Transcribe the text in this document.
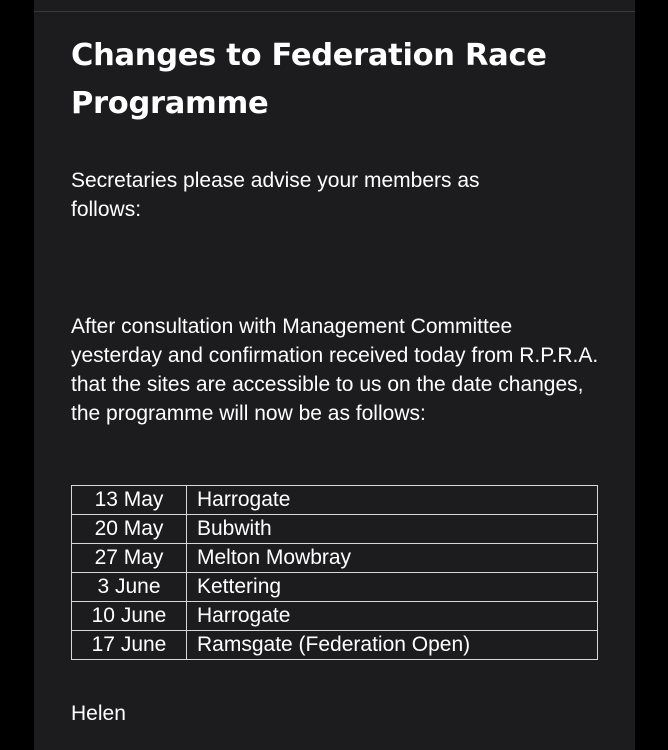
Changes to Federation Race Programme

Secretaries please advise your members as follows:

After consultation with Management Committee yesterday and confirmation received today from R.P.R.A. that the sites are accessible to us on the date changes, the programme will now be as follows:

13 May	Harrogate
20 May	Bubwith
27 May	Melton Mowbray
3 June	Kettering
10 June	Harrogate
17 June	Ramsgate (Federation Open)

Helen
